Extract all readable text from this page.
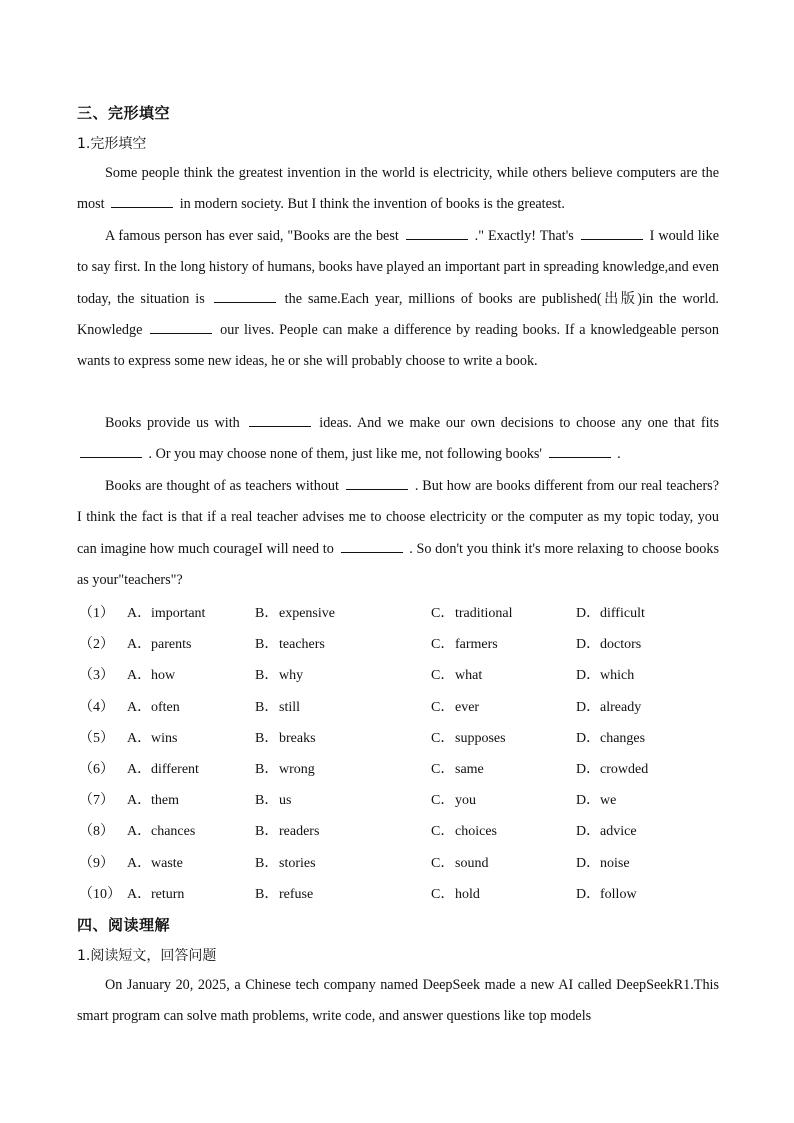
三、完形填空
1.完形填空

Some people think the greatest invention in the world is electricity, while others believe computers are the most	in modern society. But I think the invention of books is the greatest.

A famous person has ever said, "Books are the best	." Exactly! That's	I would like to say first. In the long history of humans, books have played an important part in spreading knowledge,and even today, the situation is	the same.Each year, millions of books are published(出版)in the world. Knowledge	our lives. People can make a difference by reading books. If a knowledgeable person wants to express some new ideas, he or she will probably choose to write a book.

Books provide us with	ideas. And we make our own decisions to choose any one that fits  . Or you may choose none of them, just like me, not following books'	.

Books are thought of as teachers without	. But how are books different from our real teachers? I think the fact is that if a real teacher advises me to choose electricity or the computer as my topic today, you can imagine how much courageI will need to	. So don't you think it's more relaxing to choose books as your"teachers"?

（1） A．important	B．expensive	C．traditional	D．difficult
（2） A．parents	B．teachers	C．farmers	D．doctors
（3） A．how	B．why	C．what	D．which
（4） A．often	B．still	C．ever	D．already
（5） A．wins	B．breaks	C．supposes	D．changes
（6） A．different	B．wrong	C．same	D．crowded
（7） A．them	B．us	C．you	D．we
（8） A．chances	B．readers	C．choices	D．advice
（9） A．waste	B．stories	C．sound	D．noise
（10） A．return	B．refuse	C．hold	D．follow
四、阅读理解
1.阅读短文，回答问题

On January 20, 2025, a Chinese tech company named DeepSeek made a new AI called DeepSeekR1.This smart program can solve math problems, write code, and answer questions like top models
